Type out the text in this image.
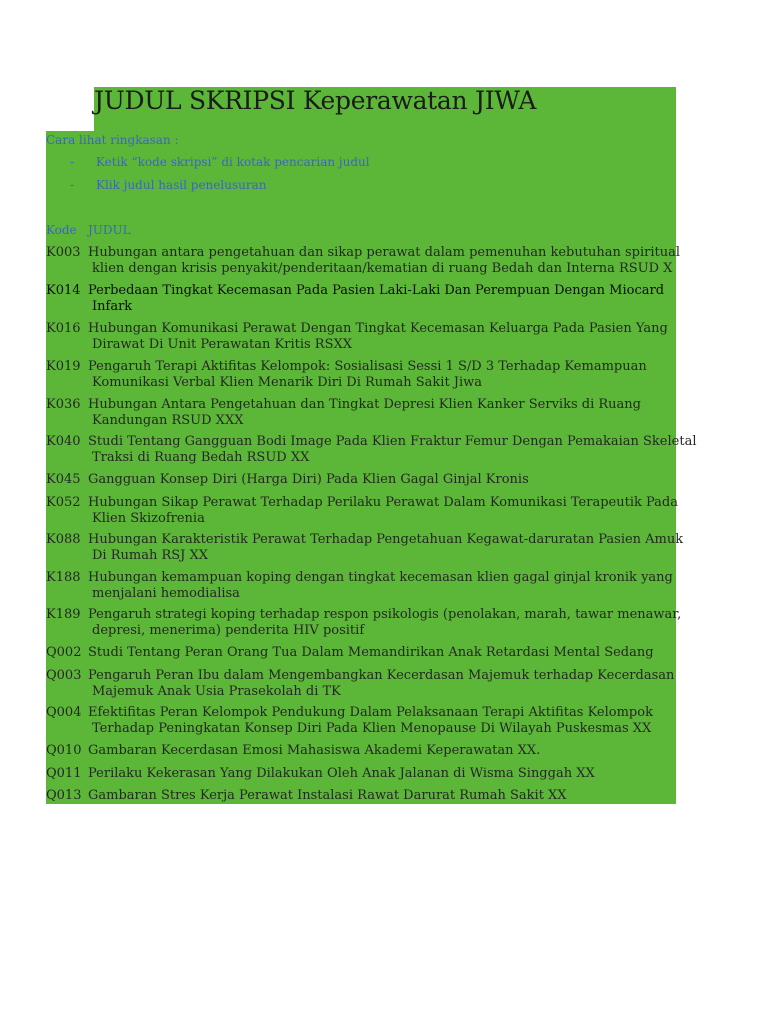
JUDUL SKRIPSI Keperawatan JIWA
Cara lihat ringkasan :
- Ketik “kode skripsi” di kotak pencarian judul
- Klik judul hasil penelusuran
Kode JUDUL
K003 Hubungan antara pengetahuan dan sikap perawat dalam pemenuhan kebutuhan spiritual
klien dengan krisis penyakit/penderitaan/kematian di ruang Bedah dan Interna RSUD X
K014 Perbedaan Tingkat Kecemasan Pada Pasien Laki-Laki Dan Perempuan Dengan Miocard
Infark
K016 Hubungan Komunikasi Perawat Dengan Tingkat Kecemasan Keluarga Pada Pasien Yang
Dirawat Di Unit Perawatan Kritis RSXX
K019 Pengaruh Terapi Aktifitas Kelompok: Sosialisasi Sessi 1 S/D 3 Terhadap Kemampuan
Komunikasi Verbal Klien Menarik Diri Di Rumah Sakit Jiwa
K036 Hubungan Antara Pengetahuan dan Tingkat Depresi Klien Kanker Serviks di Ruang
Kandungan RSUD XXX
K040 Studi Tentang Gangguan Bodi Image Pada Klien Fraktur Femur Dengan Pemakaian Skeletal
Traksi di Ruang Bedah RSUD XX
K045 Gangguan Konsep Diri (Harga Diri) Pada Klien Gagal Ginjal Kronis
K052 Hubungan Sikap Perawat Terhadap Perilaku Perawat Dalam Komunikasi Terapeutik Pada
Klien Skizofrenia
K088 Hubungan Karakteristik Perawat Terhadap Pengetahuan Kegawat-daruratan Pasien Amuk
Di Rumah RSJ XX
K188 Hubungan kemampuan koping dengan tingkat kecemasan klien gagal ginjal kronik yang
menjalani hemodialisa
K189 Pengaruh strategi koping terhadap respon psikologis (penolakan, marah, tawar menawar,
depresi, menerima) penderita HIV positif
Q002 Studi Tentang Peran Orang Tua Dalam Memandirikan Anak Retardasi Mental Sedang
Q003 Pengaruh Peran Ibu dalam Mengembangkan Kecerdasan Majemuk terhadap Kecerdasan
Majemuk Anak Usia Prasekolah di TK
Q004 Efektifitas Peran Kelompok Pendukung Dalam Pelaksanaan Terapi Aktifitas Kelompok
Terhadap Peningkatan Konsep Diri Pada Klien Menopause Di Wilayah Puskesmas XX
Q010 Gambaran Kecerdasan Emosi Mahasiswa Akademi Keperawatan XX.
Q011 Perilaku Kekerasan Yang Dilakukan Oleh Anak Jalanan di Wisma Singgah XX
Q013 Gambaran Stres Kerja Perawat Instalasi Rawat Darurat Rumah Sakit XX
